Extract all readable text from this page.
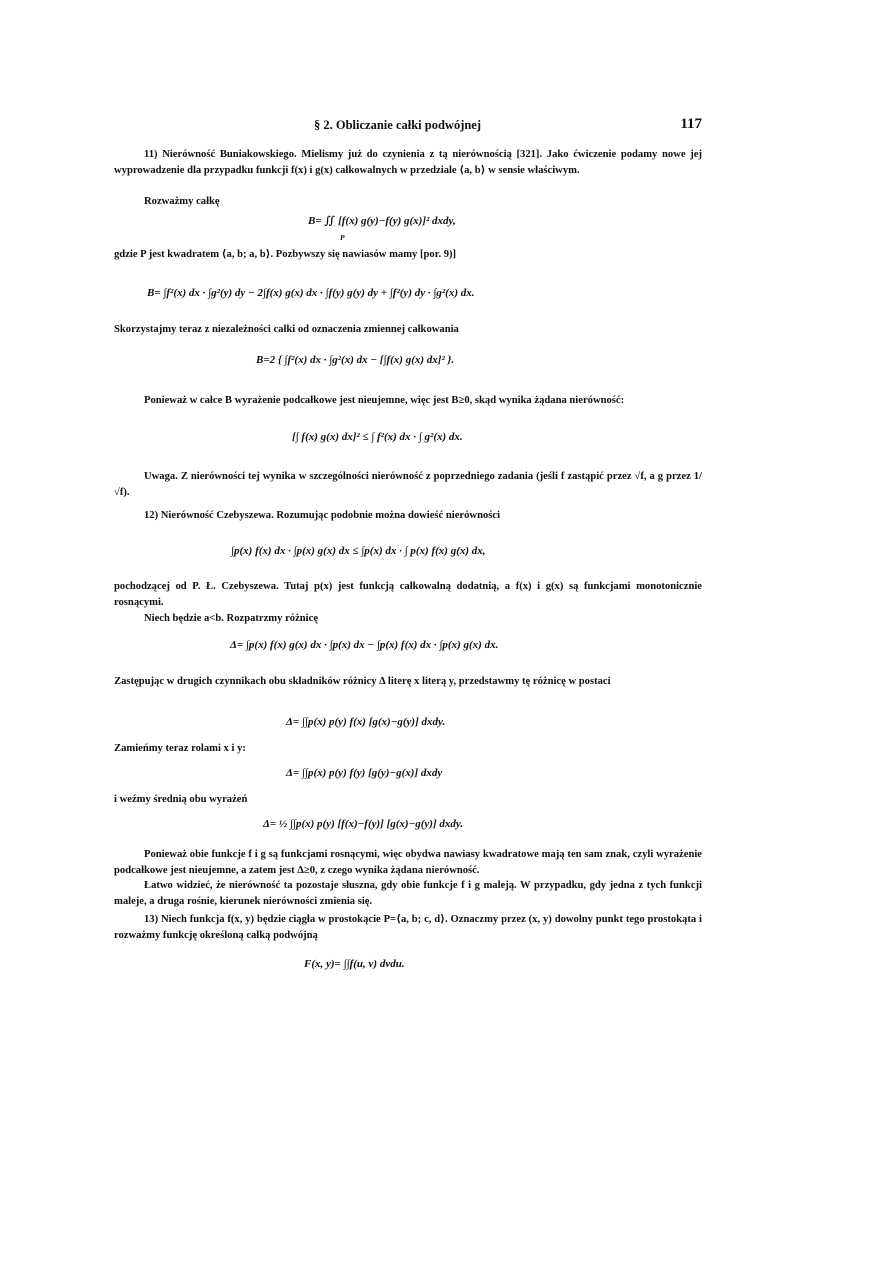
§ 2. Obliczanie całki podwójnej	117
11) Nierówność Buniakowskiego. Mielismy już do czynienia z tą nierównością [321]. Jako ćwiczenie podamy nowe jej wyprowadzenie dla przypadku funkcji f(x) i g(x) całkowalnych w przedziale ⟨a, b⟩ w sensie właściwym.
Rozważmy całkę
B= ∬ [f(x) g(y)−f(y) g(x)]² dxdy,
P
gdzie P jest kwadratem ⟨a, b; a, b⟩. Pozbywszy się nawiasów mamy [por. 9)]
B= ∫f²(x) dx · ∫g²(y) dy − 2∫f(x) g(x) dx · ∫f(y) g(y) dy + ∫f²(y) dy · ∫g²(x) dx.
Skorzystajmy teraz z niezależności całki od oznaczenia zmiennej całkowania
B=2 { ∫f²(x) dx · ∫g²(x) dx − [∫f(x) g(x) dx]² }.
Ponieważ w całce B wyrażenie podcałkowe jest nieujemne, więc jest B≥0, skąd wynika żądana nierówność:
[∫ f(x) g(x) dx]² ≤ ∫ f²(x) dx · ∫ g²(x) dx.
Uwaga. Z nierówności tej wynika w szczególności nierówność z poprzedniego zadania (jeśli f zastąpić przez √f, a g przez 1/√f).
12) Nierówność Czebyszewa. Rozumując podobnie można dowieść nierówności
∫p(x) f(x) dx · ∫p(x) g(x) dx ≤ ∫p(x) dx · ∫ p(x) f(x) g(x) dx,
pochodzącej od P. Ł. Czebyszewa. Tutaj p(x) jest funkcją całkowalną dodatnią, a f(x) i g(x) są funkcjami monotonicznie rosnącymi.
Niech będzie a<b. Rozpatrzmy różnicę
Δ= ∫p(x) f(x) g(x) dx · ∫p(x) dx − ∫p(x) f(x) dx · ∫p(x) g(x) dx.
Zastępując w drugich czynnikach obu składników różnicy Δ literę x literą y, przedstawmy tę różnicę w postaci
Δ= ∫∫p(x) p(y) f(x) [g(x)−g(y)] dxdy.
Zamieńmy teraz rolami x i y:
Δ= ∫∫p(x) p(y) f(y) [g(y)−g(x)] dxdy
i weźmy średnią obu wyrażeń
Δ= ½ ∫∫p(x) p(y) [f(x)−f(y)] [g(x)−g(y)] dxdy.
Ponieważ obie funkcje f i g są funkcjami rosnącymi, więc obydwa nawiasy kwadratowe mają ten sam znak, czyli wyrażenie podcałkowe jest nieujemne, a zatem jest Δ≥0, z czego wynika żądana nierówność.
Łatwo widzieć, że nierówność ta pozostaje słuszna, gdy obie funkcje f i g maleją. W przypadku, gdy jedna z tych funkcji maleje, a druga rośnie, kierunek nierówności zmienia się.
13) Niech funkcja f(x, y) będzie ciągła w prostokącie P=⟨a, b; c, d⟩. Oznaczmy przez (x, y) dowolny punkt tego prostokąta i rozważmy funkcję określoną całką podwójną
F(x, y)= ∫∫f(u, v) dvdu.
